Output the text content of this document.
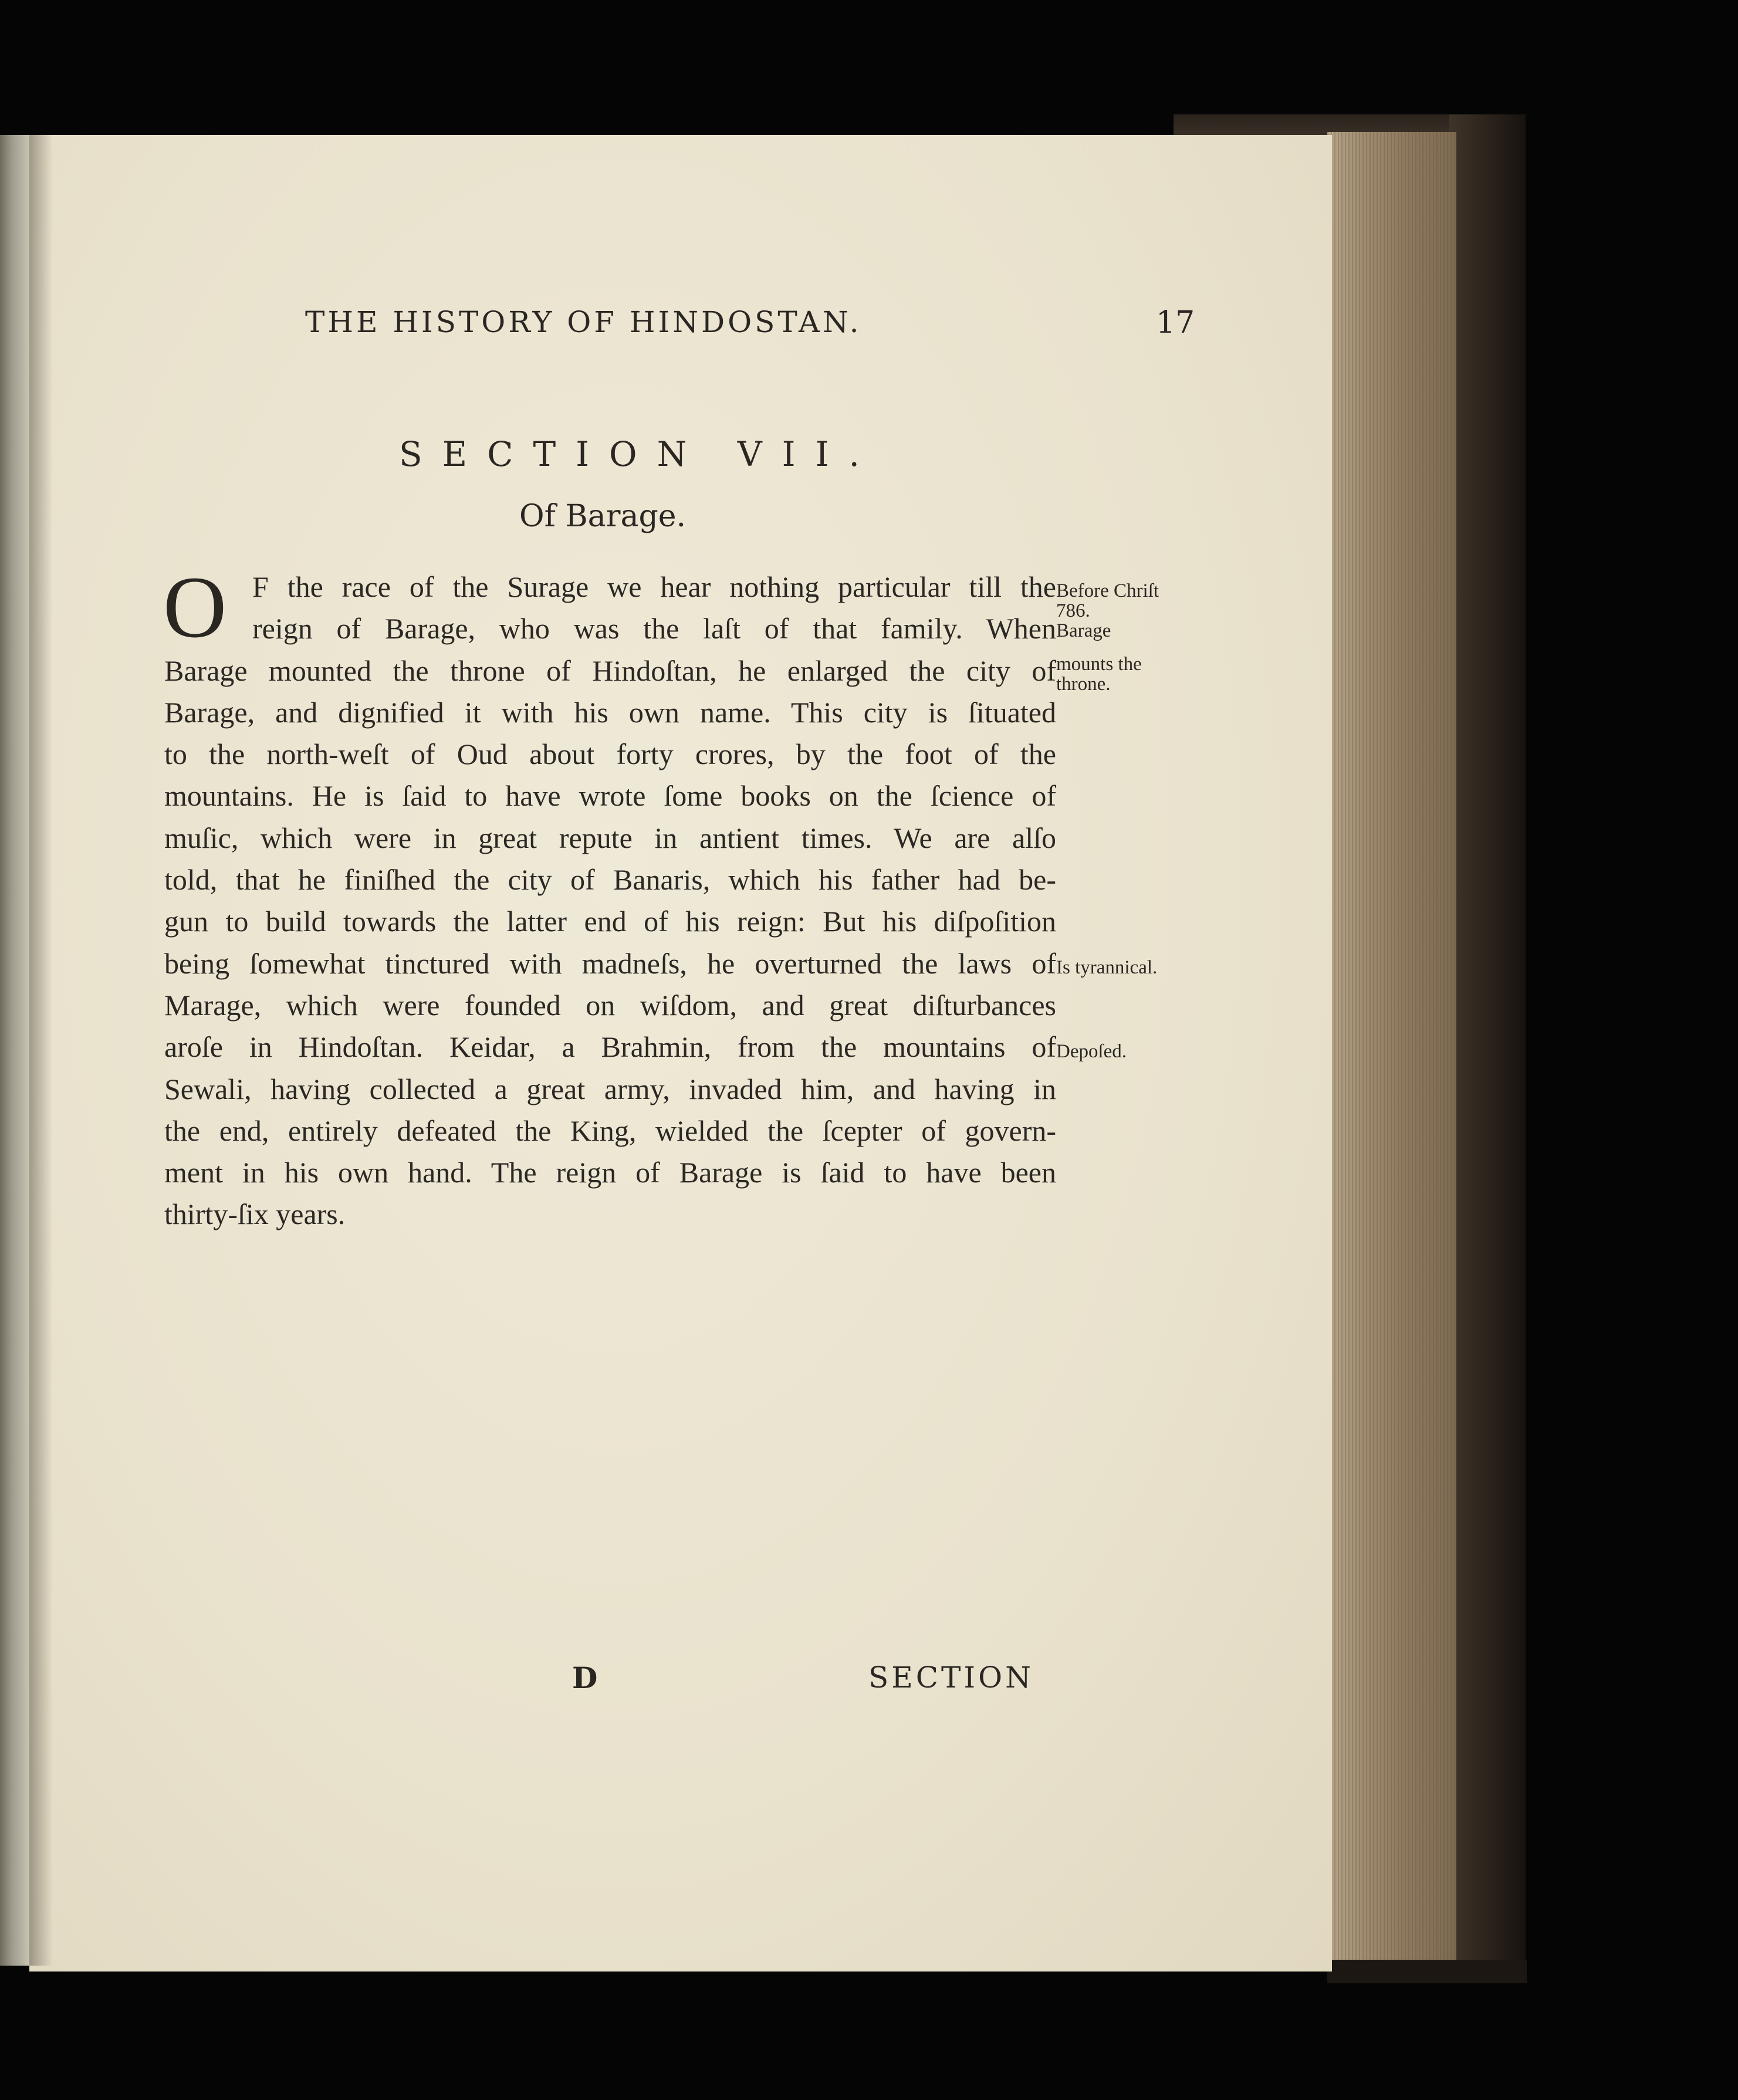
THE HISTORY OF HINDOSTAN.	17
SECTION VII.
Of Barage.
O F the race of the Surage we hear nothing particular till the
reign of Barage, who was the laſt of that family. When
Barage mounted the throne of Hindoſtan, he enlarged the city of
Barage, and dignified it with his own name. This city is ſituated
to the north-weſt of Oud about forty crores, by the foot of the
mountains. He is ſaid to have wrote ſome books on the ſcience of
muſic, which were in great repute in antient times. We are alſo
told, that he finiſhed the city of Banaris, which his father had be-
gun to build towards the latter end of his reign: But his diſpoſition
being ſomewhat tinctured with madneſs, he overturned the laws of
Marage, which were founded on wiſdom, and great diſturbances
aroſe in Hindoſtan. Keidar, a Brahmin, from the mountains of
Sewali, having collected a great army, invaded him, and having in
the end, entirely defeated the King, wielded the ſcepter of govern-
ment in his own hand. The reign of Barage is ſaid to have been
thirty-ſix years.
Before Chriſt
786.
Barage
mounts the
throne.
Is tyrannical.
Depoſed.
D	SECTION
